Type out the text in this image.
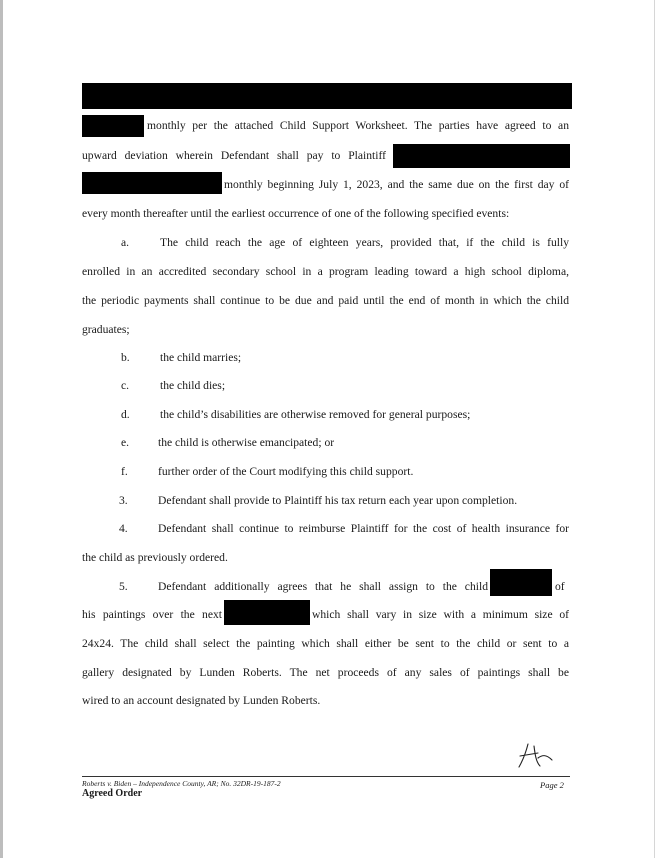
monthly per the attached Child Support Worksheet. The parties have agreed to an
upward deviation wherein Defendant shall pay to Plaintiff
monthly beginning July 1, 2023, and the same due on the first day of
every month thereafter until the earliest occurrence of one of the following specified events:
a.	The child reach the age of eighteen years, provided that, if the child is fully
enrolled in an accredited secondary school in a program leading toward a high school diploma,
the periodic payments shall continue to be due and paid until the end of month in which the child
graduates;
b.	the child marries;
c.	the child dies;
d.	the child’s disabilities are otherwise removed for general purposes;
e. the child is otherwise emancipated; or
f.	further order of the Court modifying this child support.
3.	Defendant shall provide to Plaintiff his tax return each year upon completion.
4.	Defendant shall continue to reimburse Plaintiff for the cost of health insurance for
the child as previously ordered.
5.	Defendant additionally agrees that he shall assign to the child	of
his paintings over the next	which shall vary in size with a minimum size of
24x24. The child shall select the painting which shall either be sent to the child or sent to a
gallery designated by Lunden Roberts. The net proceeds of any sales of paintings shall be
wired to an account designated by Lunden Roberts.
Roberts v. Biden – Independence County, AR; No. 32DR-19-187-2
Agreed Order
Page 2
